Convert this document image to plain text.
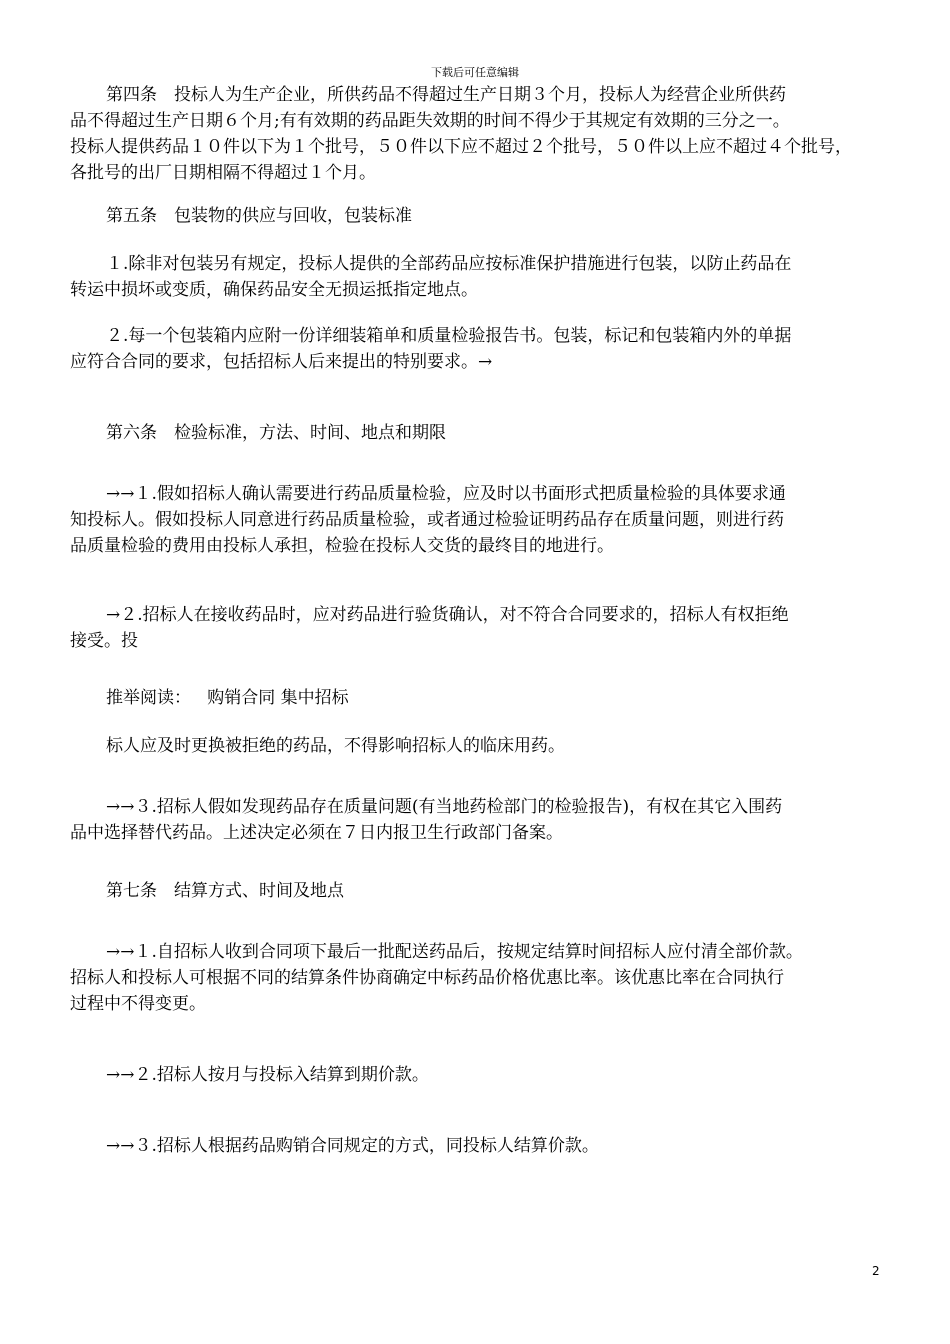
下载后可任意编辑
第四条　投标人为生产企业，所供药品不得超过生产日期３个月，投标人为经营企业所供药
品不得超过生产日期６个月;有有效期的药品距失效期的时间不得少于其规定有效期的三分之一。
投标人提供药品１０件以下为１个批号，５０件以下应不超过２个批号，５０件以上应不超过４个批号，
各批号的出厂日期相隔不得超过１个月。
第五条　包装物的供应与回收，包装标准
１.除非对包装另有规定，投标人提供的全部药品应按标准保护措施进行包装，以防止药品在
转运中损坏或变质，确保药品安全无损运抵指定地点。
２.每一个包装箱内应附一份详细装箱单和质量检验报告书。包装，标记和包装箱内外的单据
应符合合同的要求，包括招标人后来提出的特别要求。→
第六条　检验标准，方法、时间、地点和期限
→→１.假如招标人确认需要进行药品质量检验，应及时以书面形式把质量检验的具体要求通
知投标人。假如投标人同意进行药品质量检验，或者通过检验证明药品存在质量问题，则进行药
品质量检验的费用由投标人承担，检验在投标人交货的最终目的地进行。
→２.招标人在接收药品时，应对药品进行验货确认，对不符合合同要求的，招标人有权拒绝
接受。投
推举阅读： 购销合同 集中招标
标人应及时更换被拒绝的药品，不得影响招标人的临床用药。
→→３.招标人假如发现药品存在质量问题(有当地药检部门的检验报告)，有权在其它入围药
品中选择替代药品。上述决定必须在７日内报卫生行政部门备案。
第七条　结算方式、时间及地点
→→１.自招标人收到合同项下最后一批配送药品后，按规定结算时间招标人应付清全部价款。
招标人和投标人可根据不同的结算条件协商确定中标药品价格优惠比率。该优惠比率在合同执行
过程中不得变更。
→→２.招标人按月与投标入结算到期价款。
→→３.招标人根据药品购销合同规定的方式，同投标人结算价款。
2
